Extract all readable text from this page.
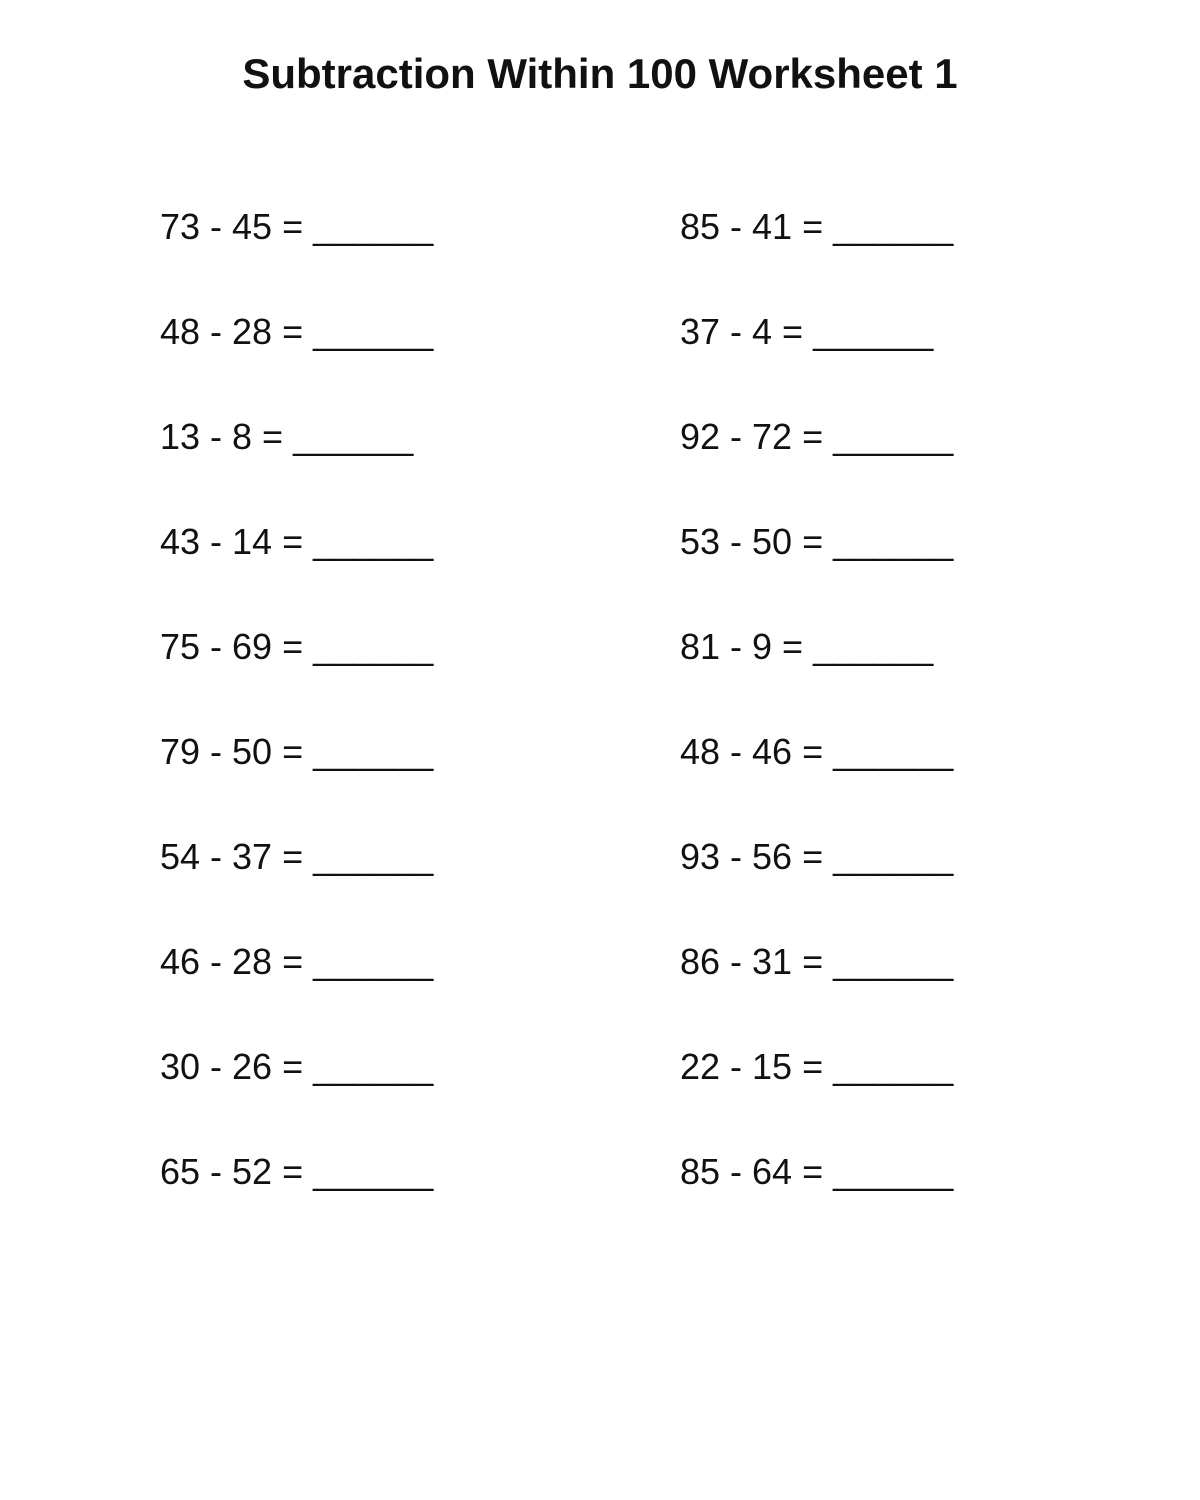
Subtraction Within 100 Worksheet 1
73 - 45 = ______	85 - 41 = ______
48 - 28 = ______	37 - 4 = ______
13 - 8 = ______	92 - 72 = ______
43 - 14 = ______	53 - 50 = ______
75 - 69 = ______	81 - 9 = ______
79 - 50 = ______	48 - 46 = ______
54 - 37 = ______	93 - 56 = ______
46 - 28 = ______	86 - 31 = ______
30 - 26 = ______	22 - 15 = ______
65 - 52 = ______	85 - 64 = ______
